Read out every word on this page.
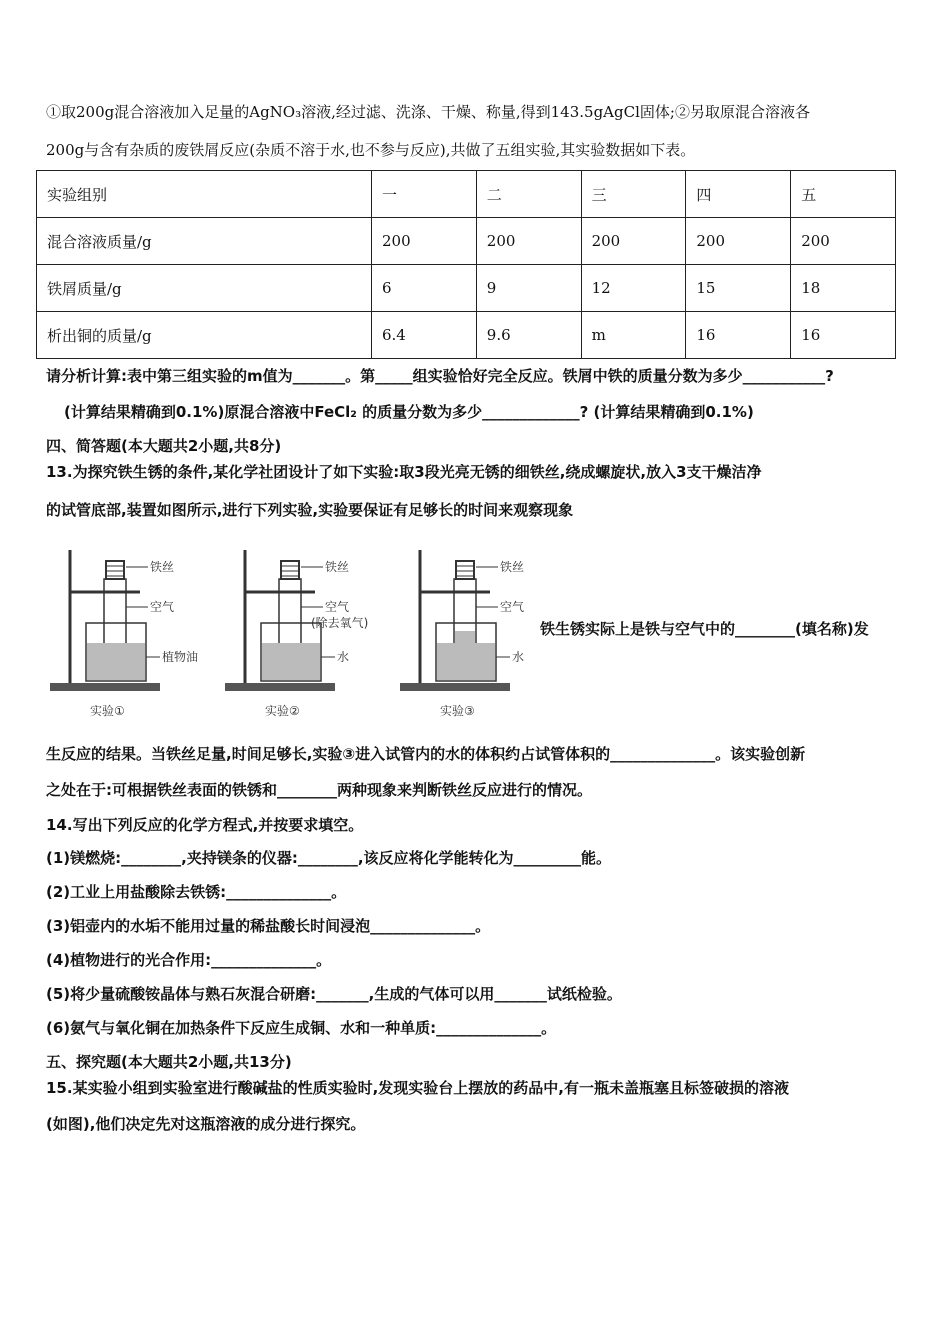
①取200g混合溶液加入足量的AgNO₃溶液,经过滤、洗涤、干燥、称量,得到143.5gAgCl固体;②另取原混合溶液各
200g与含有杂质的废铁屑反应(杂质不溶于水,也不参与反应),共做了五组实验,其实验数据如下表。
实验组别	一	二	三	四	五
混合溶液质量/g	200	200	200	200	200
铁屑质量/g	6	9	12	15	18
析出铜的质量/g	6.4	9.6	m	16	16
请分析计算:表中第三组实验的m值为_______。第_____组实验恰好完全反应。铁屑中铁的质量分数为多少___________?
(计算结果精确到0.1%)原混合溶液中FeCl₂ 的质量分数为多少_____________? (计算结果精确到0.1%)
四、简答题(本大题共2小题,共8分)
13.为探究铁生锈的条件,某化学社团设计了如下实验:取3段光亮无锈的细铁丝,绕成螺旋状,放入3支干燥洁净
的试管底部,装置如图所示,进行下列实验,实验要保证有足够长的时间来观察现象
铁丝
空气
植物油
实验①
铁丝
空气
(除去氧气)
水
实验②
铁丝
空气
水
实验③
铁生锈实际上是铁与空气中的________(填名称)发
生反应的结果。当铁丝足量,时间足够长,实验③进入试管内的水的体积约占试管体积的______________。该实验创新
之处在于:可根据铁丝表面的铁锈和________两种现象来判断铁丝反应进行的情况。
14.写出下列反应的化学方程式,并按要求填空。
(1)镁燃烧:________,夹持镁条的仪器:________,该反应将化学能转化为_________能。
(2)工业上用盐酸除去铁锈:______________。
(3)铝壶内的水垢不能用过量的稀盐酸长时间浸泡______________。
(4)植物进行的光合作用:______________。
(5)将少量硫酸铵晶体与熟石灰混合研磨:_______,生成的气体可以用_______试纸检验。
(6)氨气与氧化铜在加热条件下反应生成铜、水和一种单质:______________。
五、探究题(本大题共2小题,共13分)
15.某实验小组到实验室进行酸碱盐的性质实验时,发现实验台上摆放的药品中,有一瓶未盖瓶塞且标签破损的溶液
(如图),他们决定先对这瓶溶液的成分进行探究。
